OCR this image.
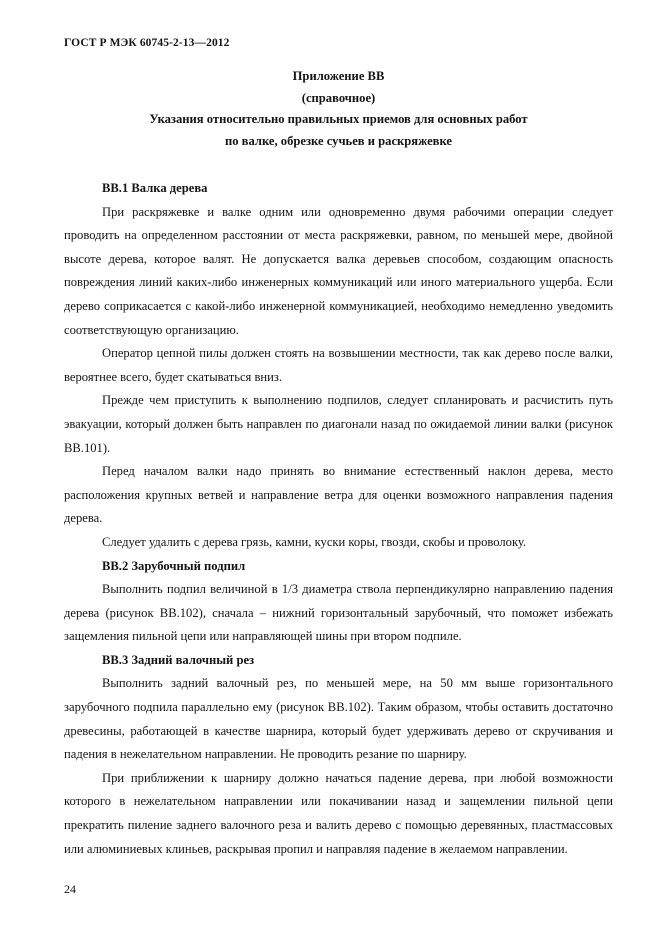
ГОСТ Р МЭК 60745-2-13—2012
Приложение ВВ
(справочное)
Указания относительно правильных приемов для основных работ
по валке, обрезке сучьев и раскряжевке
ВВ.1 Валка дерева

При раскряжевке и валке одним или одновременно двумя рабочими операции следует проводить на определенном расстоянии от места раскряжевки, равном, по меньшей мере, двойной высоте дерева, которое валят. Не допускается валка деревьев способом, создающим опасность повреждения линий каких-либо инженерных коммуникаций или иного материального ущерба. Если дерево соприкасается с какой-либо инженерной коммуникацией, необходимо немедленно уведомить соответствующую организацию.

Оператор цепной пилы должен стоять на возвышении местности, так как дерево после валки, вероятнее всего, будет скатываться вниз.

Прежде чем приступить к выполнению подпилов, следует спланировать и расчистить путь эвакуации, который должен быть направлен по диагонали назад по ожидаемой линии валки (рисунок ВВ.101).

Перед началом валки надо принять во внимание естественный наклон дерева, место расположения крупных ветвей и направление ветра для оценки возможного направления падения дерева.

Следует удалить с дерева грязь, камни, куски коры, гвозди, скобы и проволоку.

ВВ.2 Зарубочный подпил

Выполнить подпил величиной в 1/3 диаметра ствола перпендикулярно направлению падения дерева (рисунок ВВ.102), сначала – нижний горизонтальный зарубочный, что поможет избежать защемления пильной цепи или направляющей шины при втором подпиле.

ВВ.3 Задний валочный рез

Выполнить задний валочный рез, по меньшей мере, на 50 мм выше горизонтального зарубочного подпила параллельно ему (рисунок ВВ.102). Таким образом, чтобы оставить достаточно древесины, работающей в качестве шарнира, который будет удерживать дерево от скручивания и падения в нежелательном направлении. Не проводить резание по шарниру.

При приближении к шарниру должно начаться падение дерева, при любой возможности которого в нежелательном направлении или покачивании назад и защемлении пильной цепи прекратить пиление заднего валочного реза и валить дерево с помощью деревянных, пластмассовых или алюминиевых клиньев, раскрывая пропил и направляя падение в желаемом направлении.

24
